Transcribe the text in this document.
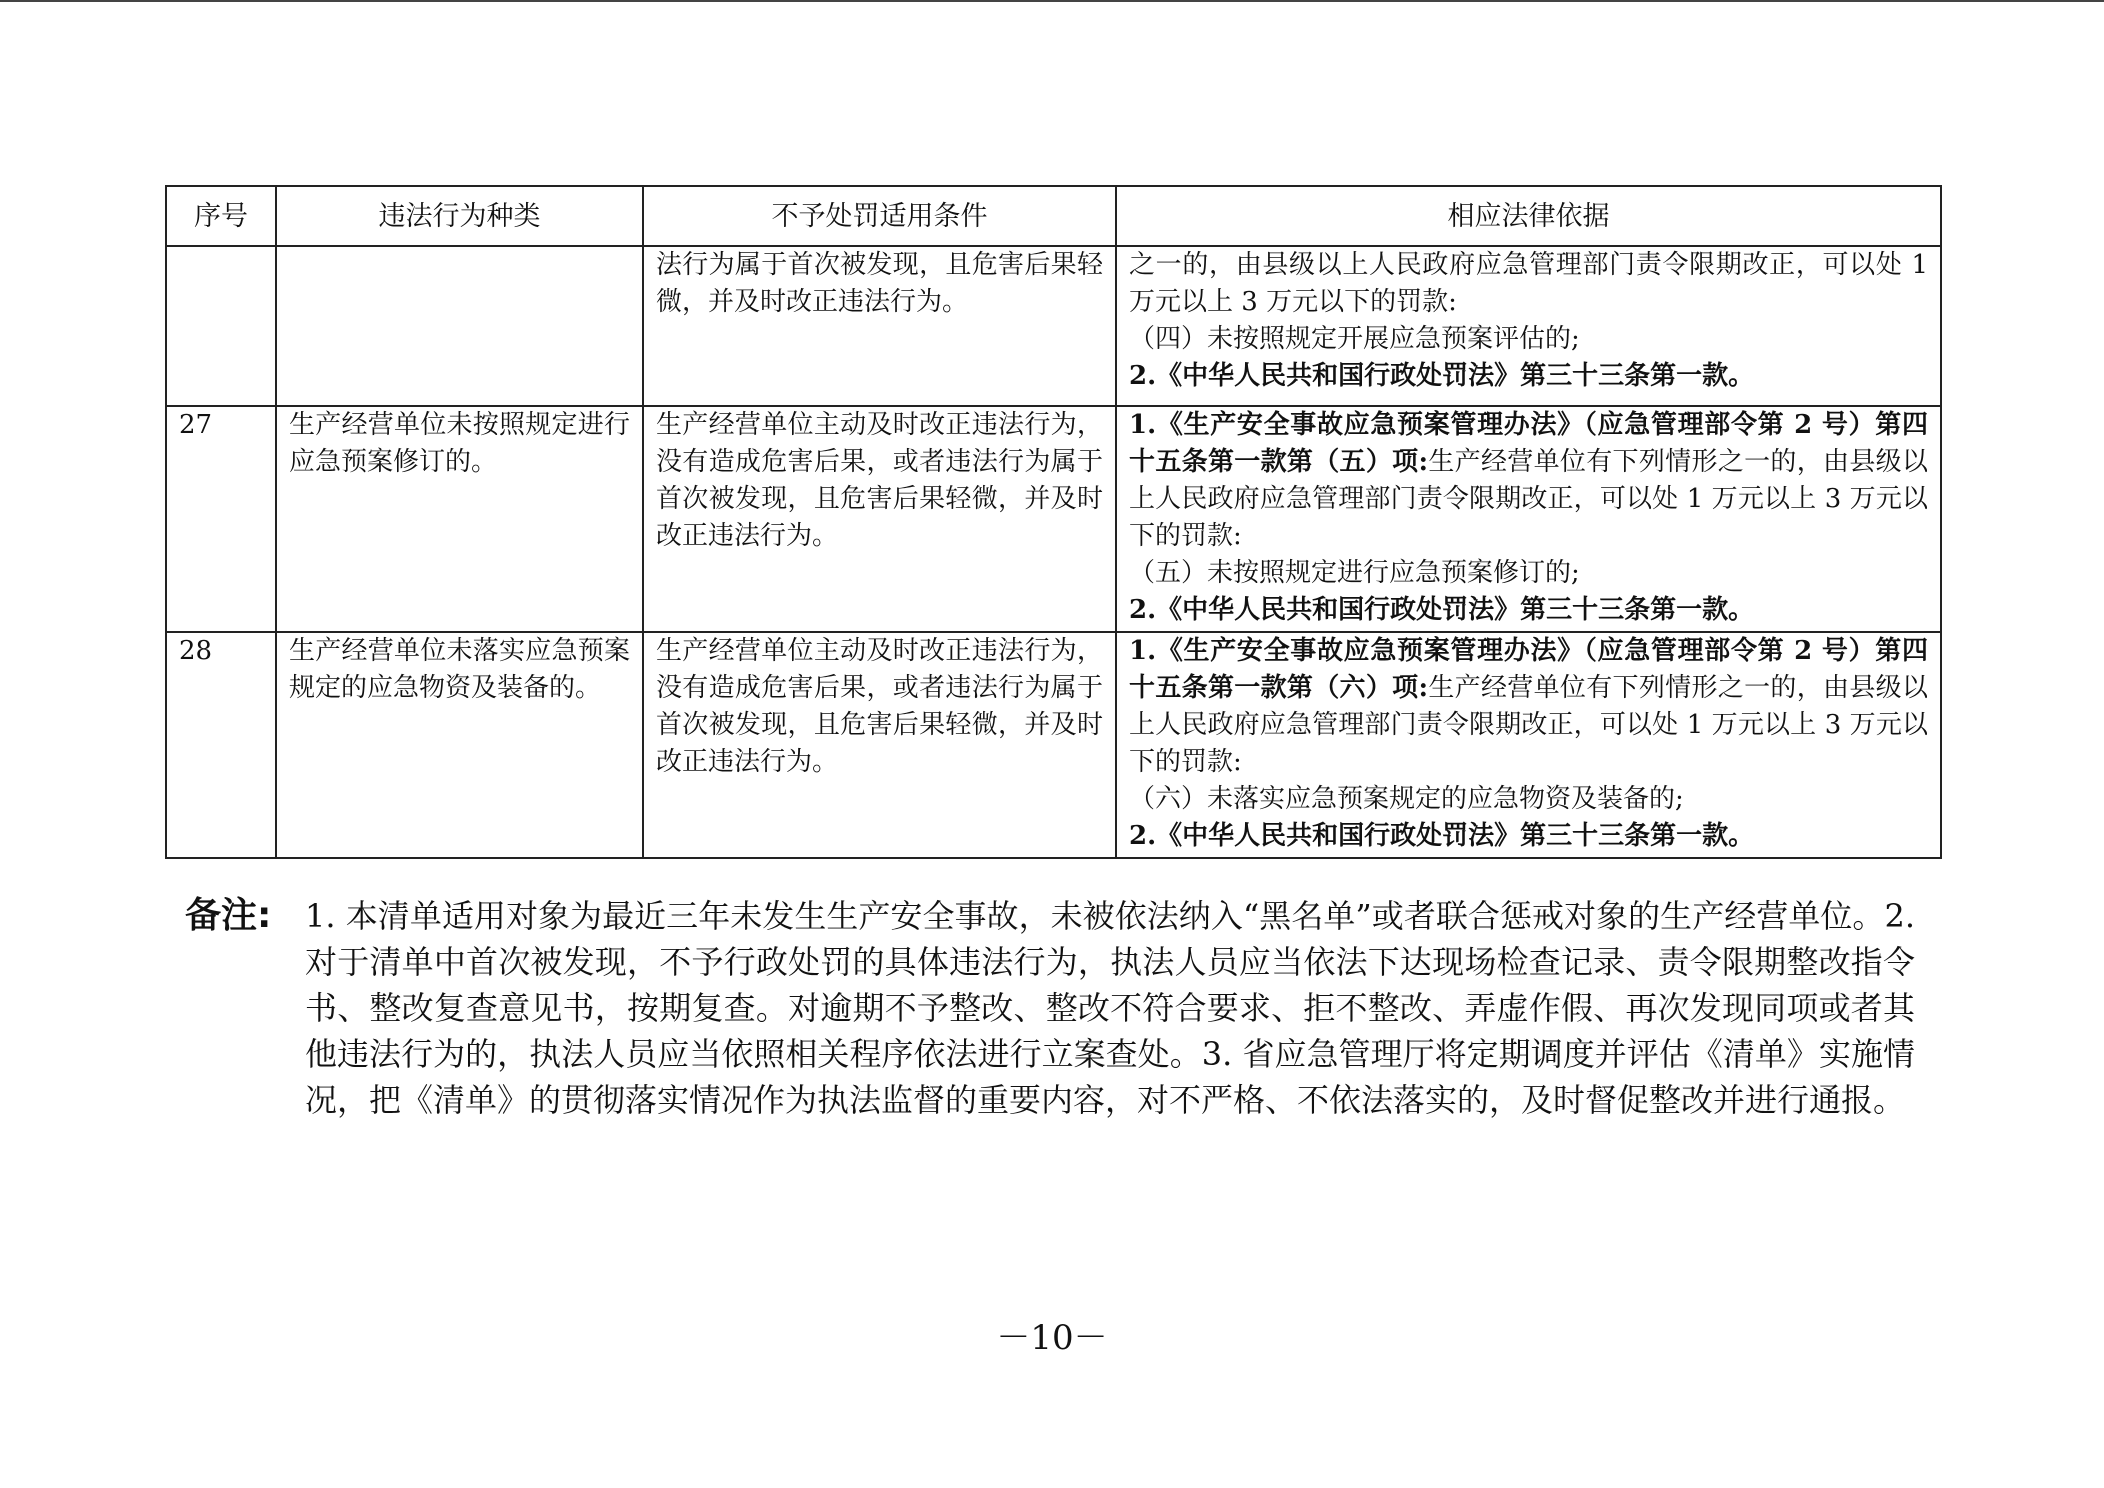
序号	违法行为种类	不予处罚适用条件	相应法律依据
		法行为属于首次被发现，且危害后果轻微，并及时改正违法行为。	之一的，由县级以上人民政府应急管理部门责令限期改正，可以处 1 万元以上 3 万元以下的罚款:
（四）未按照规定开展应急预案评估的;
2.《中华人民共和国行政处罚法》第三十三条第一款。

27	生产经营单位未按照规定进行应急预案修订的。	生产经营单位主动及时改正违法行为，没有造成危害后果，或者违法行为属于首次被发现，且危害后果轻微，并及时改正违法行为。	1.《生产安全事故应急预案管理办法》（应急管理部令第 2 号）第四十五条第一款第（五）项:生产经营单位有下列情形之一的，由县级以上人民政府应急管理部门责令限期改正，可以处 1 万元以上 3 万元以下的罚款:
（五）未按照规定进行应急预案修订的;
2.《中华人民共和国行政处罚法》第三十三条第一款。

28	生产经营单位未落实应急预案规定的应急物资及装备的。	生产经营单位主动及时改正违法行为，没有造成危害后果，或者违法行为属于首次被发现，且危害后果轻微，并及时改正违法行为。	1.《生产安全事故应急预案管理办法》（应急管理部令第 2 号）第四十五条第一款第（六）项:生产经营单位有下列情形之一的，由县级以上人民政府应急管理部门责令限期改正，可以处 1 万元以上 3 万元以下的罚款:
（六）未落实应急预案规定的应急物资及装备的;
2.《中华人民共和国行政处罚法》第三十三条第一款。
备注: 1. 本清单适用对象为最近三年未发生生产安全事故，未被依法纳入“黑名单”或者联合惩戒对象的生产经营单位。2. 对于清单中首次被发现，不予行政处罚的具体违法行为，执法人员应当依法下达现场检查记录、责令限期整改指令书、整改复查意见书，按期复查。对逾期不予整改、整改不符合要求、拒不整改、弄虚作假、再次发现同项或者其他违法行为的，执法人员应当依照相关程序依法进行立案查处。3. 省应急管理厅将定期调度并评估《清单》实施情况，把《清单》的贯彻落实情况作为执法监督的重要内容，对不严格、不依法落实的，及时督促整改并进行通报。
－10－
